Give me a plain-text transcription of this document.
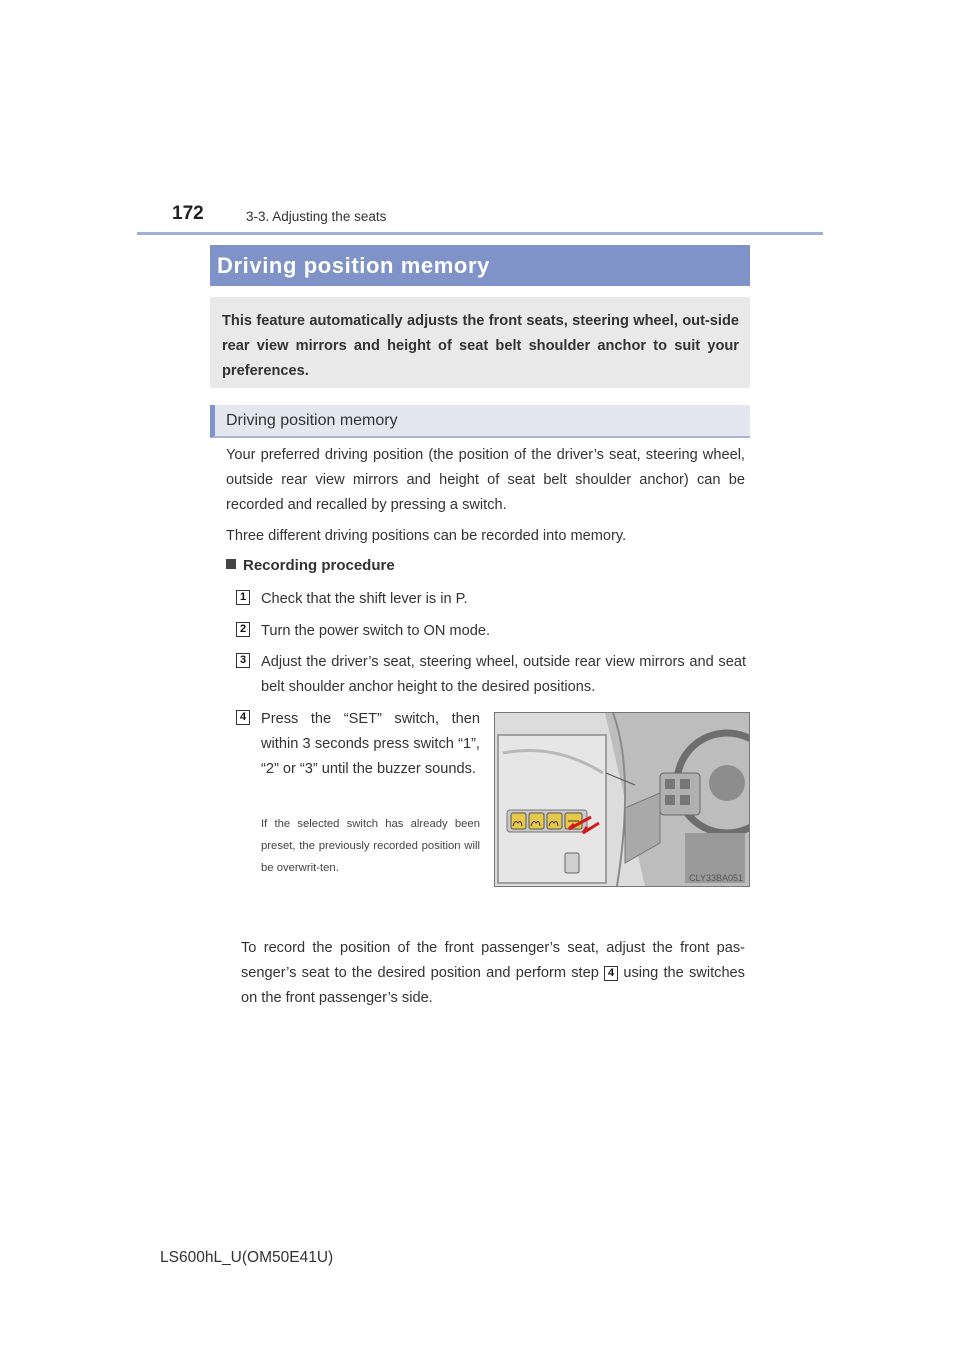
172	3-3. Adjusting the seats
Driving position memory
This feature automatically adjusts the front seats, steering wheel, out-side rear view mirrors and height of seat belt shoulder anchor to suit your preferences.
Driving position memory

Your preferred driving position (the position of the driver’s seat, steering wheel, outside rear view mirrors and height of seat belt shoulder anchor) can be recorded and recalled by pressing a switch.

Three different driving positions can be recorded into memory.

Recording procedure
1 Check that the shift lever is in P.

2 Turn the power switch to ON mode.

3 Adjust the driver’s seat, steering wheel, outside rear view mirrors and seat belt shoulder anchor height to the desired positions.

4 Press the “SET” switch, then within 3 seconds press switch “1”, “2” or “3” until the buzzer sounds.

If the selected switch has already been preset, the previously recorded position will be overwrit-ten.

CLY33BA051

To record the position of the front passenger’s seat, adjust the front pas-senger’s seat to the desired position and perform step 4 using the switches on the front passenger’s side.

LS600hL_U(OM50E41U)
